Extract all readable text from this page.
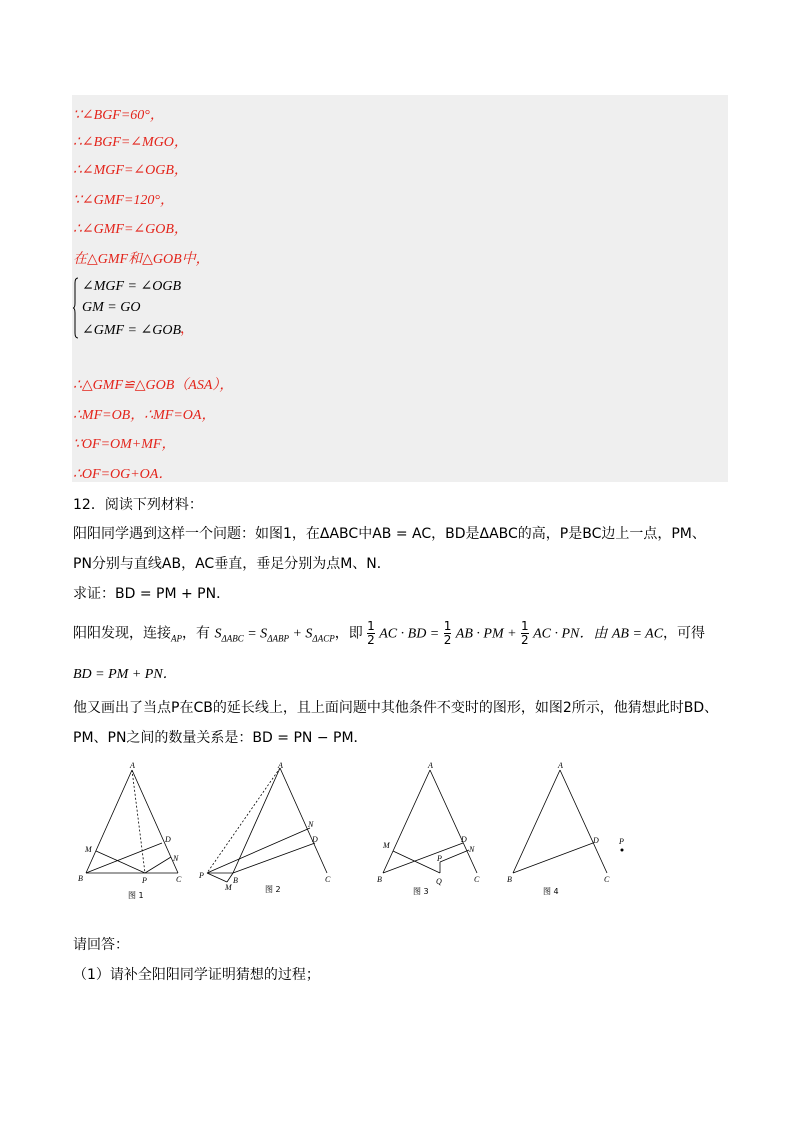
∵∠BGF=60°，
∴∠BGF=∠MGO，
∴∠MGF=∠OGB，
∵∠GMF=120°，
∴∠GMF=∠GOB，
在△GMF和△GOB中，
∠MGF = ∠OGB
GM = GO
∠GMF = ∠GOB
，
∴△GMF≌△GOB（ASA），
∴MF=OB，∴MF=OA，
∵OF=OM+MF，
∴OF=OG+OA．
12．阅读下列材料：
阳阳同学遇到这样一个问题：如图1，在ΔABC中AB = AC，BD是ΔABC的高，P是BC边上一点，PM、
PN分别与直线AB，AC垂直，垂足分别为点M、N．
求证：BD = PM + PN．
阳阳发现，连接$_{AP}$，有 $S_{\Delta ABC} = S_{\Delta ABP} + S_{\Delta ACP}$，即 $\frac{1}{2}$ AC · BD = $\frac{1}{2}$ AB · PM + $\frac{1}{2}$ AC · PN．由 AB = AC，可得
BD = PM + PN．
他又画出了当点P在CB的延长线上，且上面问题中其他条件不变时的图形，如图2所示，他猜想此时BD、
PM、PN之间的数量关系是：BD = PN − PM．
A
D
M
N
B	P	C
图 1
A
N
D
P
B
M
C
图 2
A
M
D
N
P
B	Q	C
图 3
A
D	P
B	C
图 4
请回答：
（1）请补全阳阳同学证明猜想的过程；
